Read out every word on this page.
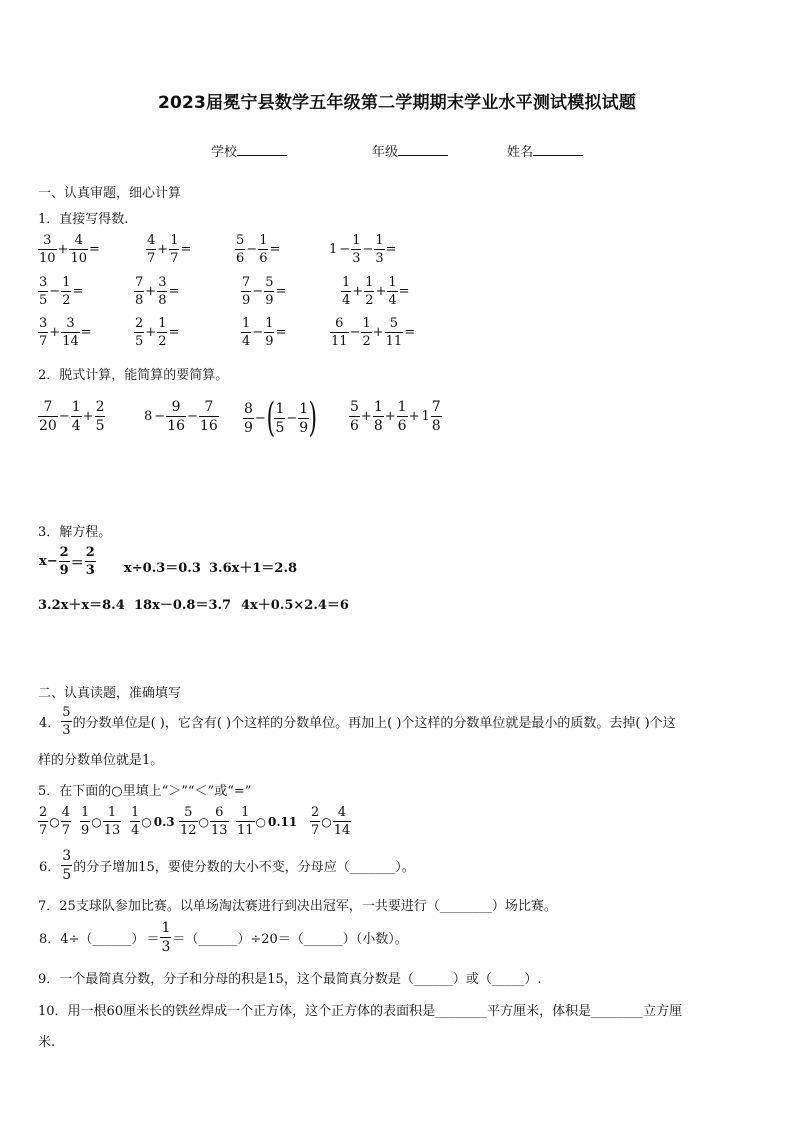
2023届冕宁县数学五年级第二学期期末学业水平测试模拟试题
学校	年级	姓名
一、认真审题，细心计算
1．直接写得数.
$\frac{3}{10} + \frac{4}{10}$ =	$\frac{4}{7} + \frac{1}{7}$ =	$\frac{5}{6} - \frac{1}{6}$ =	$1 - \frac{1}{3} - \frac{1}{3}$ =
$\frac{3}{5} - \frac{1}{2}$ =	$\frac{7}{8} + \frac{3}{8}$ =	$\frac{7}{9} - \frac{5}{9}$ =	$\frac{1}{4} + \frac{1}{2} + \frac{1}{4}$ =
$\frac{3}{7} + \frac{3}{14}$ =	$\frac{2}{5} + \frac{1}{2}$ =	$\frac{1}{4} - \frac{1}{9}$ =	$\frac{6}{11} - \frac{1}{2} + \frac{5}{11}$ =
2．脱式计算，能简算的要简算。
$\frac{7}{20} - \frac{1}{4} + \frac{2}{5}$	$8 - \frac{9}{16} - \frac{7}{16} \frac{8}{9}$ −( $\frac{1}{5} - \frac{1}{9}$ ) $\frac{5}{6} + \frac{1}{8} + \frac{1}{6} + 1 \frac{7}{8}$
3．解方程。
$x- \frac{2}{9} = \frac{2}{3} x\div 0.3=0.3$ 3.6x＋1＝2.8
3.2x＋x＝8.4 18x－0.8＝3.7 4x＋0.5×2.4＝6
二、认真读题，准确填写
4． $\frac{5}{3}$ 的分数单位是( )，它含有( )个这样的分数单位。再加上( )个这样的分数单位就是最小的质数。去掉( )个这
样的分数单位就是1。
5．在下面的○里填上“＞”“＜”或“=”
$\frac{2}{7}$ ○ $\frac{4}{7} \frac{1}{9}$ ○ $\frac{1}{13} \frac{1}{4}$ ○ $0.3 \frac{5}{12}$ ○ $\frac{6}{13} \frac{1}{11}$ ○ $0.11 \frac{2}{7}$ ○ $\frac{4}{14}$
6． $\frac{3}{5}$ 的分子增加15，要使分数的大小不变，分母应（_______）。
7．25支球队参加比赛。以单场淘汰赛进行到决出冠军，一共要进行（________）场比赛。
8．4÷（______） ＝ $\frac{1}{3}$ ＝（______）÷20＝（______）（小数）。
9．一个最简真分数，分子和分母的积是15，这个最简真分数是（______）或（_____）.
10．用一根60厘米长的铁丝焊成一个正方体，这个正方体的表面积是________平方厘米，体积是________立方厘
米.
